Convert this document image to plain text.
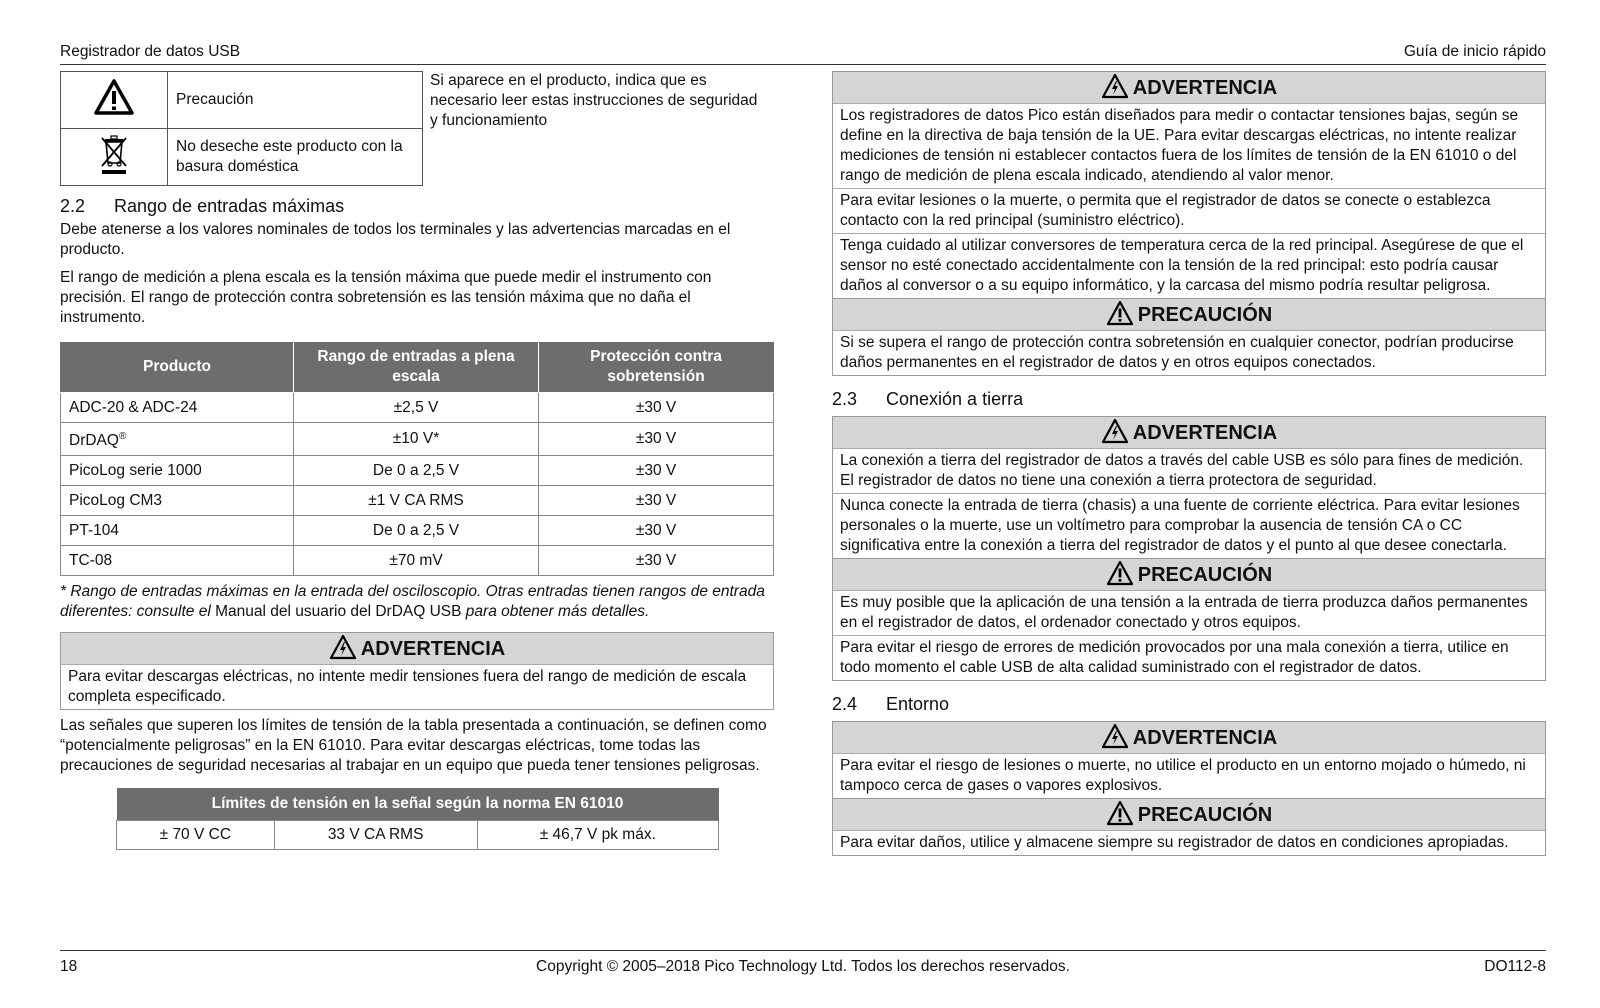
Registrador de datos USB	Guía de inicio rápido
	Precaución
	No deseche este producto con la basura doméstica
Si aparece en el producto, indica que es necesario leer estas instrucciones de seguridad y funcionamiento
2.2 Rango de entradas máximas

Debe atenerse a los valores nominales de todos los terminales y las advertencias marcadas en el producto.

El rango de medición a plena escala es la tensión máxima que puede medir el instrumento con precisión. El rango de protección contra sobretensión es las tensión máxima que no daña el instrumento.

Producto	Rango de entradas a plena escala	Protección contra sobretensión
ADC-20 & ADC-24	±2,5 V	±30 V
DrDAQ®	±10 V*	±30 V
PicoLog serie 1000	De 0 a 2,5 V	±30 V
PicoLog CM3	±1 V CA RMS	±30 V
PT-104	De 0 a 2,5 V	±30 V
TC-08	±70 mV	±30 V

* Rango de entradas máximas en la entrada del osciloscopio. Otras entradas tienen rangos de entrada diferentes: consulte el Manual del usuario del DrDAQ USB para obtener más detalles.

ADVERTENCIA
Para evitar descargas eléctricas, no intente medir tensiones fuera del rango de medición de escala completa especificado.

Las señales que superen los límites de tensión de la tabla presentada a continuación, se definen como “potencialmente peligrosas” en la EN 61010. Para evitar descargas eléctricas, tome todas las precauciones de seguridad necesarias al trabajar en un equipo que pueda tener tensiones peligrosas.

Límites de tensión en la señal según la norma EN 61010
± 70 V CC	33 V CA RMS	± 46,7 V pk máx.
ADVERTENCIA
Los registradores de datos Pico están diseñados para medir o contactar tensiones bajas, según se define en la directiva de baja tensión de la UE. Para evitar descargas eléctricas, no intente realizar mediciones de tensión ni establecer contactos fuera de los límites de tensión de la EN 61010 o del rango de medición de plena escala indicado, atendiendo al valor menor.
Para evitar lesiones o la muerte, o permita que el registrador de datos se conecte o establezca contacto con la red principal (suministro eléctrico).
Tenga cuidado al utilizar conversores de temperatura cerca de la red principal. Asegúrese de que el sensor no esté conectado accidentalmente con la tensión de la red principal: esto podría causar daños al conversor o a su equipo informático, y la carcasa del mismo podría resultar peligrosa.
PRECAUCIÓN
Si se supera el rango de protección contra sobretensión en cualquier conector, podrían producirse daños permanentes en el registrador de datos y en otros equipos conectados.
2.3 Conexión a tierra
ADVERTENCIA
La conexión a tierra del registrador de datos a través del cable USB es sólo para fines de medición. El registrador de datos no tiene una conexión a tierra protectora de seguridad.
Nunca conecte la entrada de tierra (chasis) a una fuente de corriente eléctrica. Para evitar lesiones personales o la muerte, use un voltímetro para comprobar la ausencia de tensión CA o CC significativa entre la conexión a tierra del registrador de datos y el punto al que desee conectarla.
PRECAUCIÓN
Es muy posible que la aplicación de una tensión a la entrada de tierra produzca daños permanentes en el registrador de datos, el ordenador conectado y otros equipos.
Para evitar el riesgo de errores de medición provocados por una mala conexión a tierra, utilice en todo momento el cable USB de alta calidad suministrado con el registrador de datos.
2.4 Entorno
ADVERTENCIA
Para evitar el riesgo de lesiones o muerte, no utilice el producto en un entorno mojado o húmedo, ni tampoco cerca de gases o vapores explosivos.
PRECAUCIÓN
Para evitar daños, utilice y almacene siempre su registrador de datos en condiciones apropiadas.
18	Copyright © 2005–2018 Pico Technology Ltd. Todos los derechos reservados.	DO112-8
